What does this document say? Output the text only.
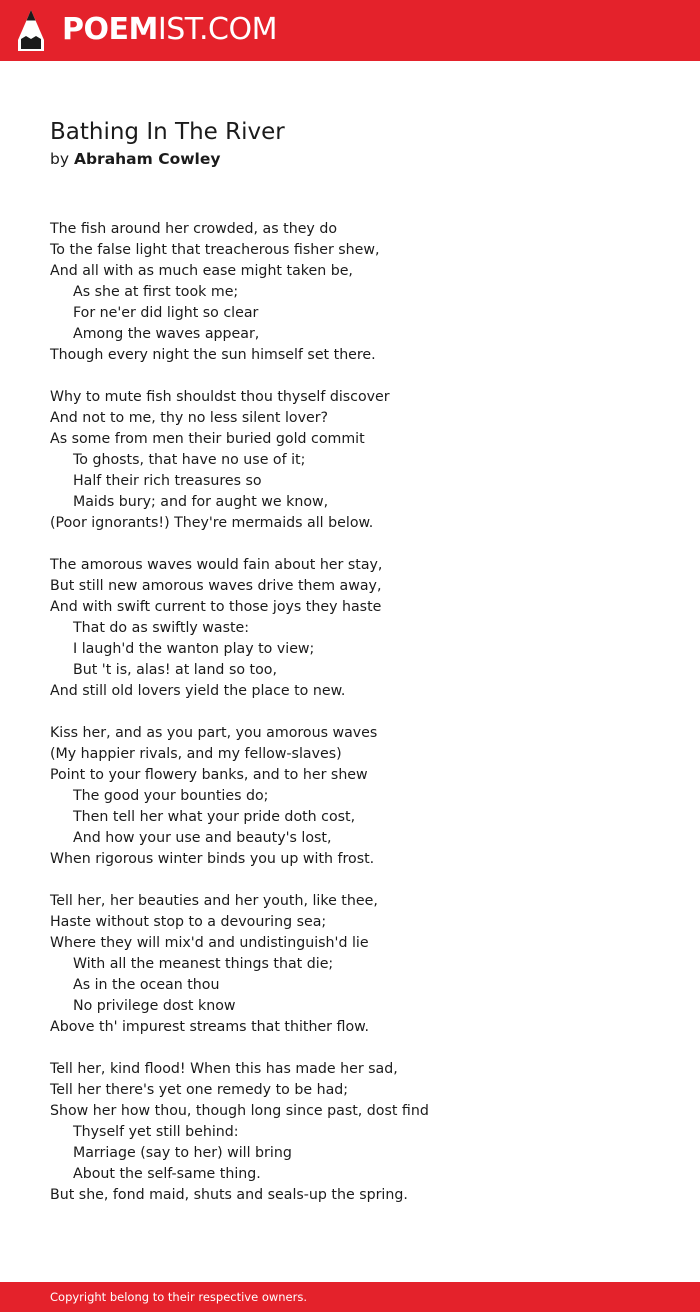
POEMIST.COM
Bathing In The River
by Abraham Cowley
The fish around her crowded, as they do
To the false light that treacherous fisher shew,
And all with as much ease might taken be,
As she at first took me;
For ne'er did light so clear
Among the waves appear,
Though every night the sun himself set there.
Why to mute fish shouldst thou thyself discover
And not to me, thy no less silent lover?
As some from men their buried gold commit
To ghosts, that have no use of it;
Half their rich treasures so
Maids bury; and for aught we know,
(Poor ignorants!) They're mermaids all below.
The amorous waves would fain about her stay,
But still new amorous waves drive them away,
And with swift current to those joys they haste
That do as swiftly waste:
I laugh'd the wanton play to view;
But 't is, alas! at land so too,
And still old lovers yield the place to new.
Kiss her, and as you part, you amorous waves
(My happier rivals, and my fellow-slaves)
Point to your flowery banks, and to her shew
The good your bounties do;
Then tell her what your pride doth cost,
And how your use and beauty's lost,
When rigorous winter binds you up with frost.
Tell her, her beauties and her youth, like thee,
Haste without stop to a devouring sea;
Where they will mix'd and undistinguish'd lie
With all the meanest things that die;
As in the ocean thou
No privilege dost know
Above th' impurest streams that thither flow.
Tell her, kind flood! When this has made her sad,
Tell her there's yet one remedy to be had;
Show her how thou, though long since past, dost find
Thyself yet still behind:
Marriage (say to her) will bring
About the self-same thing.
But she, fond maid, shuts and seals-up the spring.
Copyright belong to their respective owners.
